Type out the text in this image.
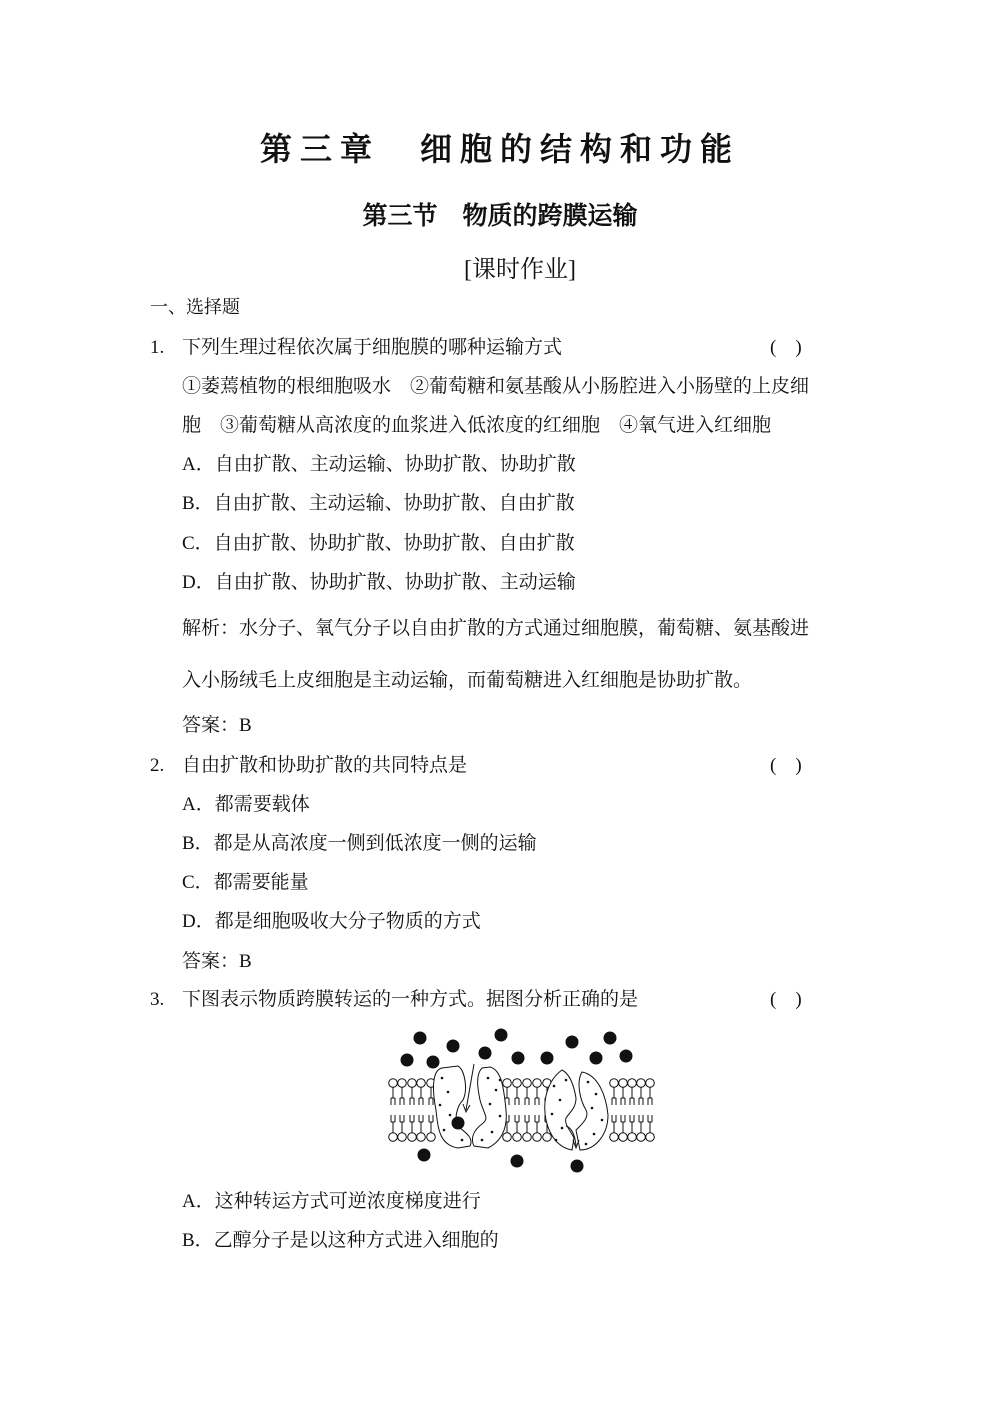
第三章　细胞的结构和功能
第三节　物质的跨膜运输
[课时作业]
一、选择题
1. 下列生理过程依次属于细胞膜的哪种运输方式	(　)
①萎蔫植物的根细胞吸水　②葡萄糖和氨基酸从小肠腔进入小肠壁的上皮细
胞　③葡萄糖从高浓度的血浆进入低浓度的红细胞　④氧气进入红细胞
A．自由扩散、主动运输、协助扩散、协助扩散
B．自由扩散、主动运输、协助扩散、自由扩散
C．自由扩散、协助扩散、协助扩散、自由扩散
D．自由扩散、协助扩散、协助扩散、主动运输
解析：水分子、氧气分子以自由扩散的方式通过细胞膜，葡萄糖、氨基酸进
入小肠绒毛上皮细胞是主动运输，而葡萄糖进入红细胞是协助扩散。
答案：B
2. 自由扩散和协助扩散的共同特点是	(　)
A．都需要载体
B．都是从高浓度一侧到低浓度一侧的运输
C．都需要能量
D．都是细胞吸收大分子物质的方式
答案：B
3. 下图表示物质跨膜转运的一种方式。据图分析正确的是	(　)
A．这种转运方式可逆浓度梯度进行
B．乙醇分子是以这种方式进入细胞的
